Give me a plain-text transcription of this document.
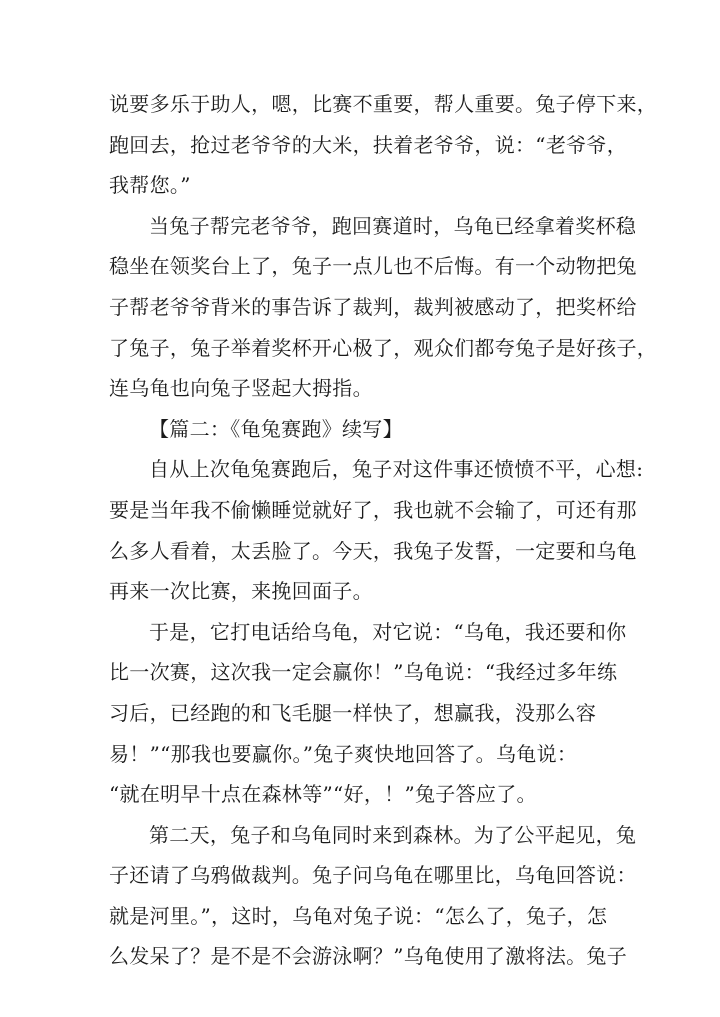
说要多乐于助人，嗯，比赛不重要，帮人重要。兔子停下来，
跑回去，抢过老爷爷的大米，扶着老爷爷，说：“老爷爷，
我帮您。”
当兔子帮完老爷爷，跑回赛道时，乌龟已经拿着奖杯稳
稳坐在领奖台上了，兔子一点儿也不后悔。有一个动物把兔
子帮老爷爷背米的事告诉了裁判，裁判被感动了，把奖杯给
了兔子，兔子举着奖杯开心极了，观众们都夸兔子是好孩子，
连乌龟也向兔子竖起大拇指。
【篇二：《龟兔赛跑》续写】
自从上次龟兔赛跑后，兔子对这件事还愤愤不平，心想:
要是当年我不偷懒睡觉就好了，我也就不会输了，可还有那
么多人看着，太丢脸了。今天，我兔子发誓，一定要和乌龟
再来一次比赛，来挽回面子。
于是，它打电话给乌龟，对它说：“乌龟，我还要和你
比一次赛，这次我一定会赢你！”乌龟说：“我经过多年练
习后，已经跑的和飞毛腿一样快了，想赢我，没那么容
易！”“那我也要赢你。”兔子爽快地回答了。乌龟说：
“就在明早十点在森林等”“好，！”兔子答应了。
第二天，兔子和乌龟同时来到森林。为了公平起见，兔
子还请了乌鸦做裁判。兔子问乌龟在哪里比，乌龟回答说：
就是河里。”，这时，乌龟对兔子说：“怎么了，兔子，怎
么发呆了？是不是不会游泳啊？”乌龟使用了激将法。兔子
